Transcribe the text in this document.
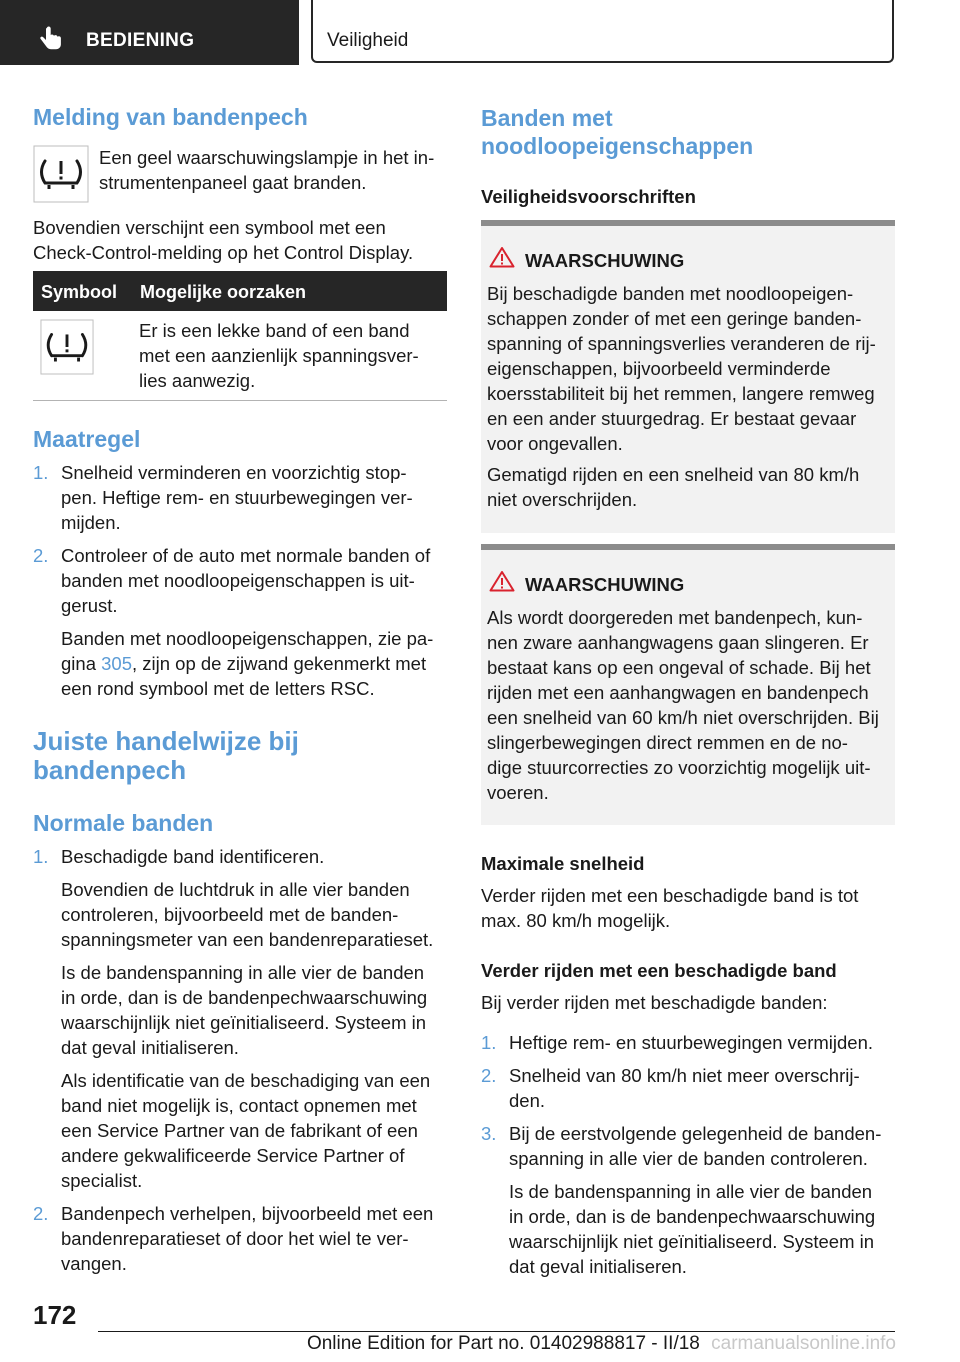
BEDIENING	Veiligheid
Melding van bandenpech
Een geel waarschuwingslampje in het in-
strumentenpaneel gaat branden.
Bovendien verschijnt een symbool met een
Check-Control-melding op het Control Display.
Symbool Mogelijke oorzaken
Er is een lekke band of een band
met een aanzienlijk spanningsver-
lies aanwezig.
Maatregel
1. Snelheid verminderen en voorzichtig stop-
pen. Heftige rem- en stuurbewegingen ver-
mijden.
2. Controleer of de auto met normale banden of
banden met noodloopeigenschappen is uit-
gerust.
Banden met noodloopeigenschappen, zie pa-
gina 305, zijn op de zijwand gekenmerkt met
een rond symbool met de letters RSC.
Juiste handelwijze bij
bandenpech
Normale banden
1. Beschadigde band identificeren.
Bovendien de luchtdruk in alle vier banden
controleren, bijvoorbeeld met de banden-
spanningsmeter van een bandenreparatieset.
Is de bandenspanning in alle vier de banden
in orde, dan is de bandenpechwaarschuwing
waarschijnlijk niet geïnitialiseerd. Systeem in
dat geval initialiseren.
Als identificatie van de beschadiging van een
band niet mogelijk is, contact opnemen met
een Service Partner van de fabrikant of een
andere gekwalificeerde Service Partner of
specialist.
2. Bandenpech verhelpen, bijvoorbeeld met een
bandenreparatieset of door het wiel te ver-
vangen.
Banden met
noodloopeigenschappen
Veiligheidsvoorschriften
WAARSCHUWING
Bij beschadigde banden met noodloopeigen-
schappen zonder of met een geringe banden-
spanning of spanningsverlies veranderen de rij-
eigenschappen, bijvoorbeeld verminderde
koersstabiliteit bij het remmen, langere remweg
en een ander stuurgedrag. Er bestaat gevaar
voor ongevallen.
Gematigd rijden en een snelheid van 80 km/h
niet overschrijden.
WAARSCHUWING
Als wordt doorgereden met bandenpech, kun-
nen zware aanhangwagens gaan slingeren. Er
bestaat kans op een ongeval of schade. Bij het
rijden met een aanhangwagen en bandenpech
een snelheid van 60 km/h niet overschrijden. Bij
slingerbewegingen direct remmen en de no-
dige stuurcorrecties zo voorzichtig mogelijk uit-
voeren.
Maximale snelheid
Verder rijden met een beschadigde band is tot
max. 80 km/h mogelijk.
Verder rijden met een beschadigde band
Bij verder rijden met beschadigde banden:
1. Heftige rem- en stuurbewegingen vermijden.
2. Snelheid van 80 km/h niet meer overschrij-
den.
3. Bij de eerstvolgende gelegenheid de banden-
spanning in alle vier de banden controleren.
Is de bandenspanning in alle vier de banden
in orde, dan is de bandenpechwaarschuwing
waarschijnlijk niet geïnitialiseerd. Systeem in
dat geval initialiseren.
172
Online Edition for Part no. 01402988817 - II/18 carmanualsonline.info
